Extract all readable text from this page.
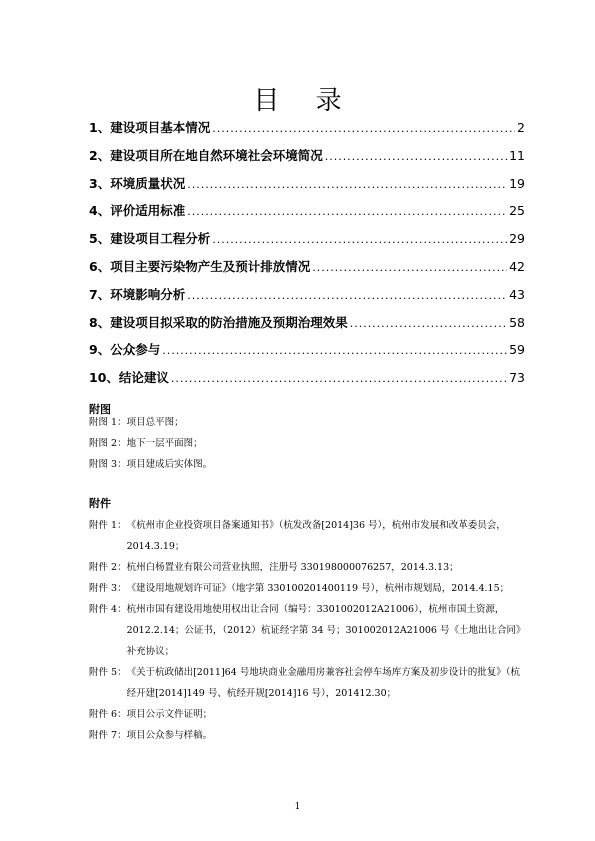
目 录
1、建设项目基本情况 .....	2
2、建设项目所在地自然环境社会环境简况 .....	11
3、环境质量状况 .....	19
4、评价适用标准 .....	25
5、建设项目工程分析 .....	29
6、项目主要污染物产生及预计排放情况 .....	42
7、环境影响分析 .....	43
8、建设项目拟采取的防治措施及预期治理效果 .....	58
9、公众参与 .....	59
10、结论建议 .....	73
附图
附图 1：项目总平图；
附图 2：地下一层平面图；
附图 3：项目建成后实体图。
附件
附件 1： 《杭州市企业投资项目备案通知书》（杭发改备[2014]36 号），杭州市发展和改革委员会，2014.3.19；
附件 2： 杭州白杨置业有限公司营业执照，注册号 330198000076257，2014.3.13；
附件 3： 《建设用地规划许可证》（地字第 330100201400119 号），杭州市规划局，2014.4.15；
附件 4： 杭州市国有建设用地使用权出让合同（编号：3301002012A21006），杭州市国土资源，2012.2.14；公证书，（2012）杭证经字第 34 号；301002012A21006 号《土地出让合同》补充协议；
附件 5： 《关于杭政储出[2011]64 号地块商业金融用房兼容社会停车场库方案及初步设计的批复》（杭经开建[2014]149 号、杭经开规[2014]16 号），201412.30；
附件 6： 项目公示文件证明；
附件 7： 项目公众参与样稿。
1
